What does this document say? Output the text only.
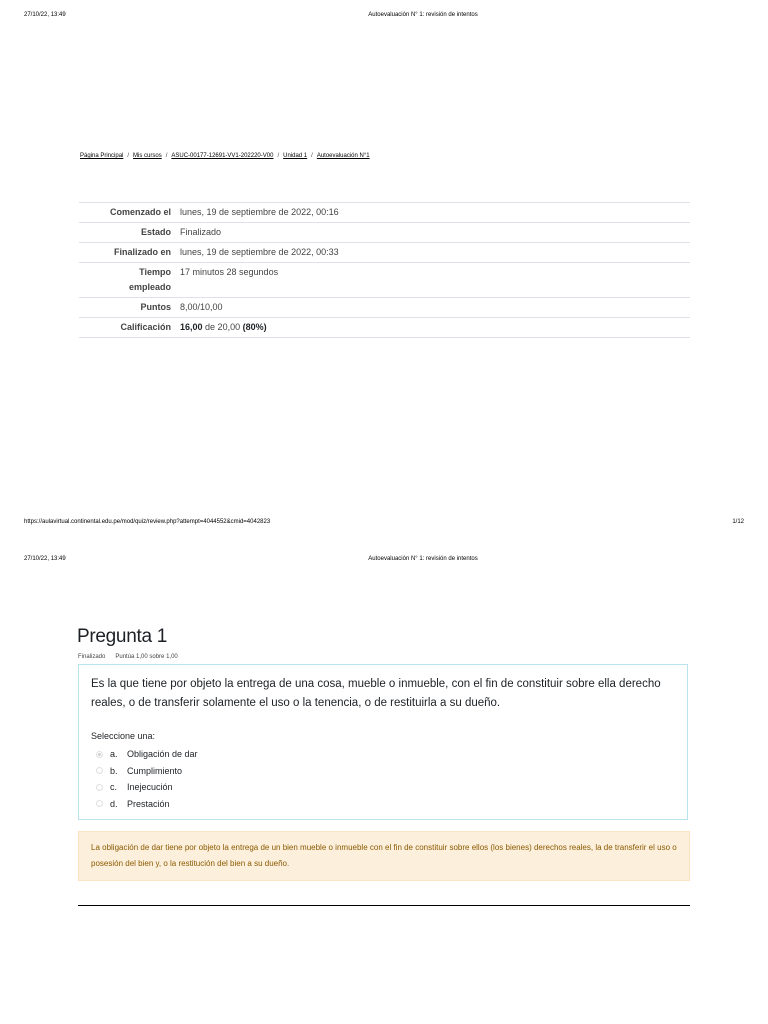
27/10/22, 13:49	Autoevaluación N° 1: revisión de intentos
Página Principal / Mis cursos / ASUC-00177-12691-VV1-202220-V00 / Unidad 1 / Autoevaluación N°1
Comenzado el	lunes, 19 de septiembre de 2022, 00:16
Estado	Finalizado
Finalizado en	lunes, 19 de septiembre de 2022, 00:33
Tiempo
empleado	17 minutos 28 segundos
Puntos	8,00/10,00
Calificación	16,00 de 20,00 (80%)
https://aulavirtual.continental.edu.pe/mod/quiz/review.php?attempt=4044552&cmid=4042823	1/12
27/10/22, 13:49	Autoevaluación N° 1: revisión de intentos
Pregunta 1
Finalizado Puntúa 1,00 sobre 1,00
Es la que tiene por objeto la entrega de una cosa, mueble o inmueble, con el fin de constituir sobre ella derecho reales, o de transferir solamente el uso o la tenencia, o de restituirla a su dueño.
Seleccione una:
a.	Obligación de dar
b.	Cumplimiento
c.	Inejecución
d.	Prestación
La obligación de dar tiene por objeto la entrega de un bien mueble o inmueble con el fin de constituir sobre ellos (los bienes) derechos reales, la de transferir el uso o posesión del bien y, o la restitución del bien a su dueño.
